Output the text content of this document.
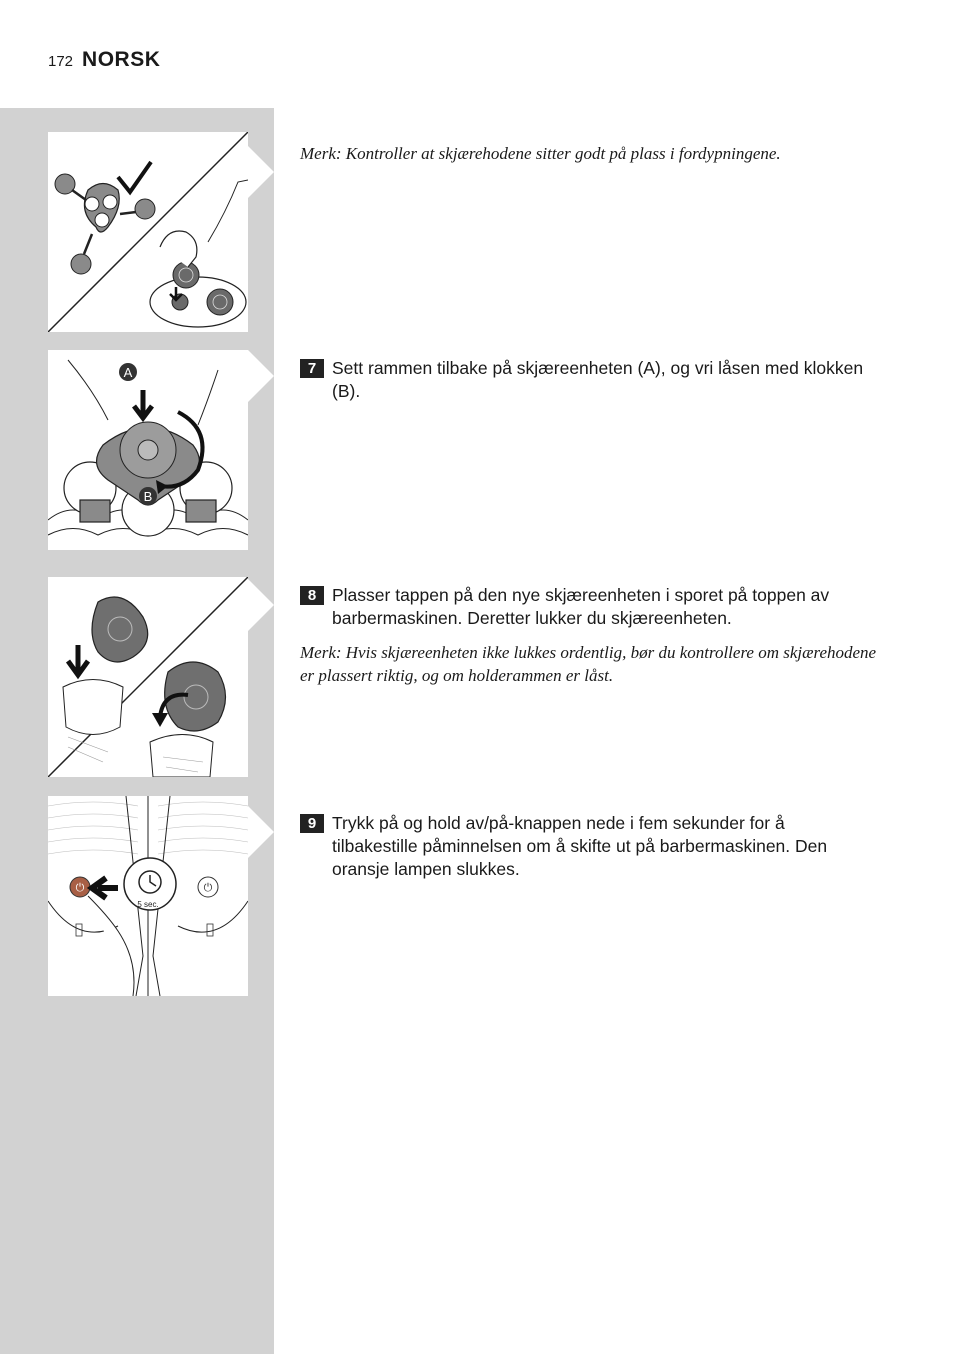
172 NORSK
A
B
⏻	⏻
5 sec.
Merk: Kontroller at skjærehodene sitter godt på plass i fordypningene.
7 Sett rammen tilbake på skjæreenheten (A), og vri låsen med klokken (B).
8 Plasser tappen på den nye skjæreenheten i sporet på toppen av barbermaskinen. Deretter lukker du skjæreenheten.
Merk: Hvis skjæreenheten ikke lukkes ordentlig, bør du kontrollere om skjærehodene er plassert riktig, og om holderammen er låst.
9 Trykk på og hold av/på-knappen nede i fem sekunder for å tilbakestille påminnelsen om å skifte ut på barbermaskinen. Den oransje lampen slukkes.
